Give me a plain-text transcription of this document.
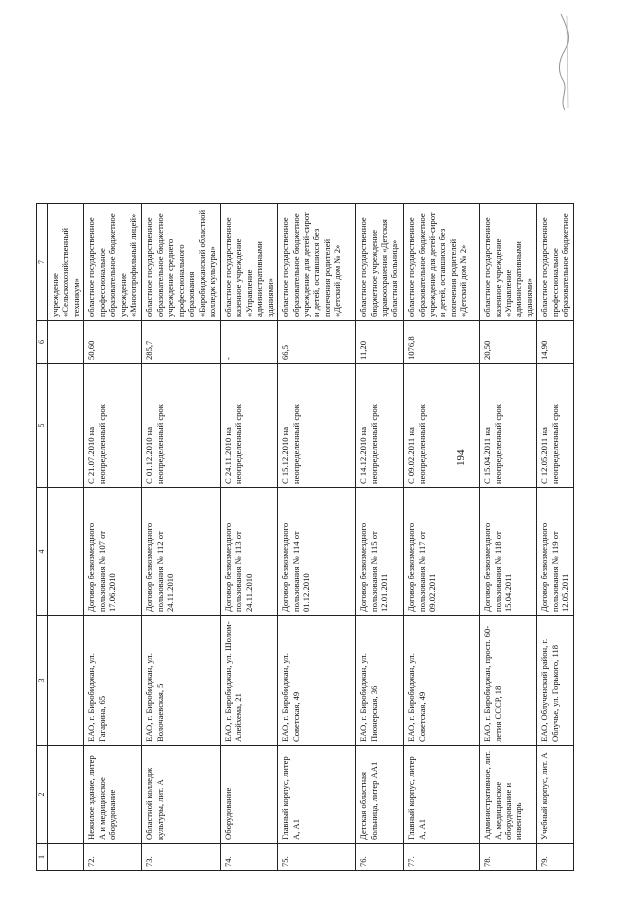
194
1	2	3	4	5	6	7
						учреждение «Сельскохозяйственный техникум»
72.	Нежилое здание, литер А и медицинское оборудование	ЕАО, г. Биробиджан, ул. Гагарина, 65	Договор безвозмездного пользования № 107 от 17.06.2010	С 21.07.2010 на неопределенный срок	50,60	областное государственное профессиональное образовательное бюджетное учреждение «Многопрофильный лицей»
73.	Областной колледж культуры, лит. А	ЕАО, г. Биробиджан, ул. Волочаевская, 5	Договор безвозмездного пользования № 112 от 24.11.2010	С 01.12.2010 на неопределенный срок	285,7	областное государственное образовательное бюджетное учреждение среднего профессионального образования «Биробиджанский областной колледж культуры»
74.	Оборудование	ЕАО, г. Биробиджан, ул. Шолом-Алейхема, 21	Договор безвозмездного пользования № 113 от 24.11.2010	С 24.11.2010 на неопределенный срок	-	областное государственное казенное учреждение «Управление административными зданиями»
75.	Главный корпус, литер А, А1	ЕАО, г. Биробиджан, ул. Советская, 49	Договор безвозмездного пользования № 114 от 01.12.2010	С 15.12.2010 на неопределенный срок	66,5	областное государственное образовательное бюджетное учреждение для детей-сирот и детей, оставшихся без попечения родителей «Детский дом № 2»
76.	Детская областная больница, литер АА1	ЕАО, г. Биробиджан, ул. Пионерская, 36	Договор безвозмездного пользования № 115 от 12.01.2011	С 14.12.2010 на неопределенный срок	11,20	областное государственное бюджетное учреждение здравоохранения «Детская областная больница»
77.	Главный корпус, литер А, А1	ЕАО, г. Биробиджан, ул. Советская, 49	Договор безвозмездного пользования № 117 от 09.02.2011	С 09.02.2011 на неопределенный срок	1076,8	областное государственное образовательное бюджетное учреждение для детей-сирот и детей, оставшихся без попечения родителей «Детский дом № 2»
78.	Административное, лит. А, медицинское оборудование и инвентарь	ЕАО, г. Биробиджан, просп. 60-летия СССР, 18	Договор безвозмездного пользования № 118 от 15.04.2011	С 15.04.2011 на неопределенный срок	20,50	областное государственное казенное учреждение «Управление административными зданиями»
79.	Учебный корпус, лит. А	ЕАО, Облученский район, г. Облучье, ул. Горького, 118	Договор безвозмездного пользования № 119 от 12.05.2011	С 12.05.2011 на неопределенный срок	14,90	областное государственное профессиональное образовательное бюджетное
